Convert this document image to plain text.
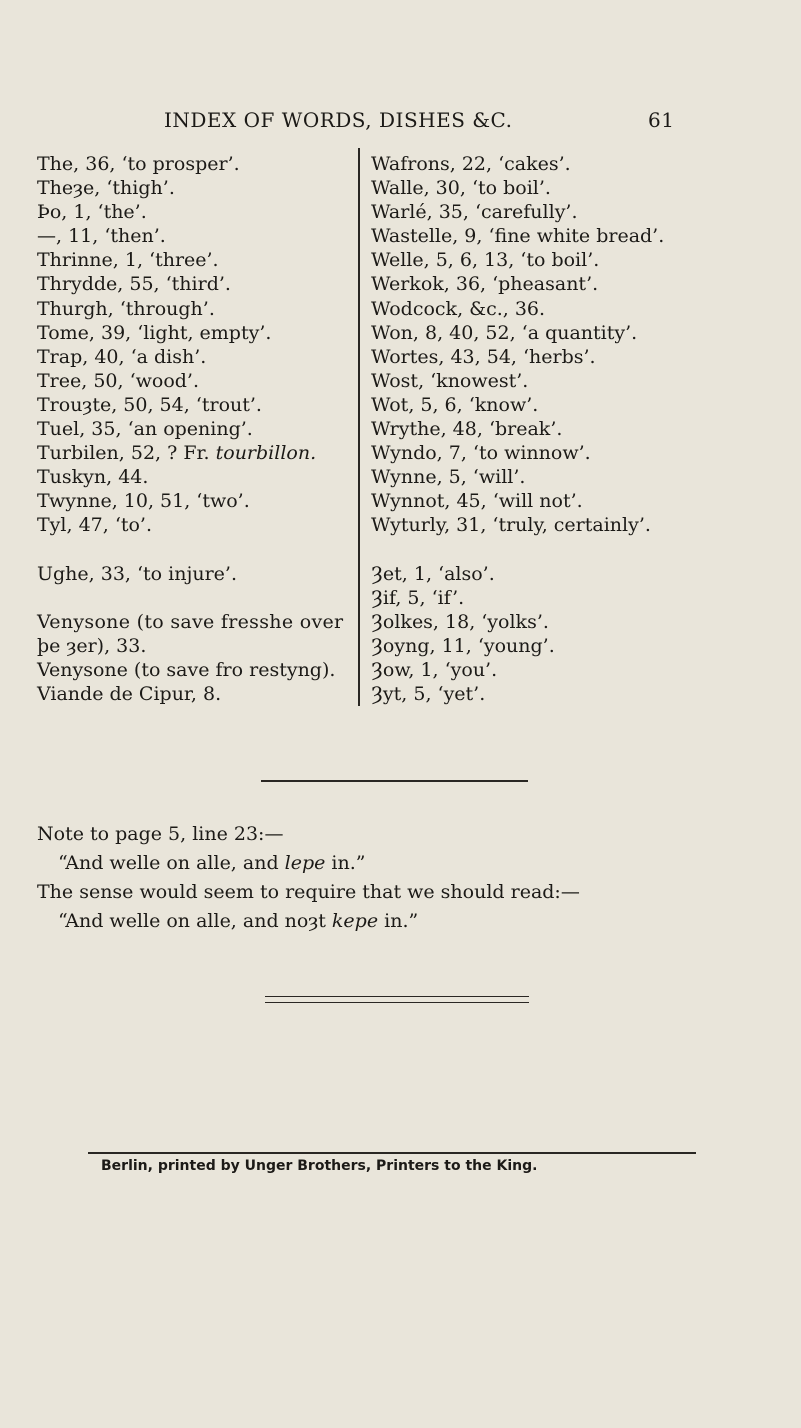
INDEX OF WORDS, DISHES &C.	61
The, 36, ‘to prosper’.
Theȝe, ‘thigh’.
Þo, 1, ‘the’.
—, 11, ‘then’.
Thrinne, 1, ‘three’.
Thrydde, 55, ‘third’.
Thurgh, ‘through’.
Tome, 39, ‘light, empty’.
Trap, 40, ‘a dish’.
Tree, 50, ‘wood’.
Trouȝte, 50, 54, ‘trout’.
Tuel, 35, ‘an opening’.
Turbilen, 52, ? Fr. tourbillon.
Tuskyn, 44.
Twynne, 10, 51, ‘two’.
Tyl, 47, ‘to’.
Ughe, 33, ‘to injure’.
Venysone (to save fresshe over
þe ȝer), 33.
Venysone (to save fro restyng).
Viande de Cipur, 8.
Wafrons, 22, ‘cakes’.
Walle, 30, ‘to boil’.
Warlé, 35, ‘carefully’.
Wastelle, 9, ‘fine white bread’.
Welle, 5, 6, 13, ‘to boil’.
Werkok, 36, ‘pheasant’.
Wodcock, &c., 36.
Won, 8, 40, 52, ‘a quantity’.
Wortes, 43, 54, ‘herbs’.
Wost, ‘knowest’.
Wot, 5, 6, ‘know’.
Wrythe, 48, ‘break’.
Wyndo, 7, ‘to winnow’.
Wynne, 5, ‘will’.
Wynnot, 45, ‘will not’.
Wyturly, 31, ‘truly, certainly’.
Ȝet, 1, ‘also’.
Ȝif, 5, ‘if’.
Ȝolkes, 18, ‘yolks’.
Ȝoyng, 11, ‘young’.
Ȝow, 1, ‘you’.
Ȝyt, 5, ‘yet’.
Note to page 5, line 23:—
“And welle on alle, and lepe in.”
The sense would seem to require that we should read:—
“And welle on alle, and noȝt kepe in.”
Berlin, printed by Unger Brothers, Printers to the King.
